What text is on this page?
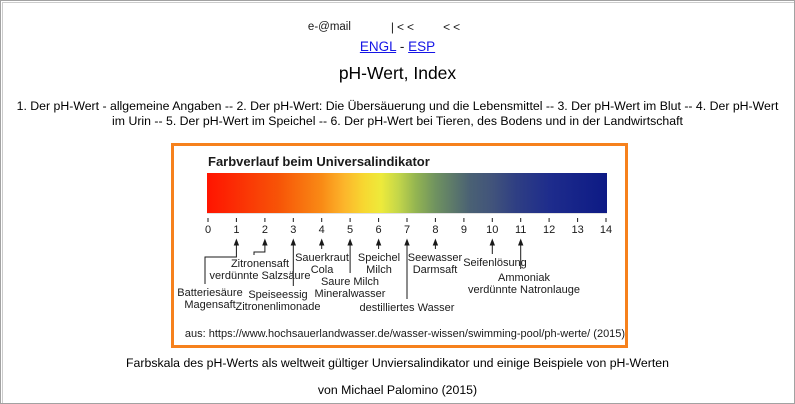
e-@mail	|<< <<
ENGL - ESP
pH-Wert, Index
1. Der pH-Wert - allgemeine Angaben -- 2. Der pH-Wert: Die Übersäuerung und die Lebensmittel -- 3. Der pH-Wert im Blut -- 4. Der pH-Wert
im Urin -- 5. Der pH-Wert im Speichel -- 6. Der pH-Wert bei Tieren, des Bodens und in der Landwirtschaft
Farbverlauf beim Universalindikator
0 1 2 3 4 5 6 7 8 9 10 11 12 13 14
Batteriesäure
Magensaft
Zitronensaft
verdünnte Salzsäure
Speiseessig
Zitronenlimonade
Sauerkraut
Cola
Saure Milch
Mineralwasser
Speichel
Milch
destilliertes Wasser
Seewasser
Darmsaft
Seifenlösung
Ammoniak
verdünnte Natronlauge
aus: https://www.hochsauerlandwasser.de/wasser-wissen/swimming-pool/ph-werte/ (2015)
Farbskala des pH-Werts als weltweit gültiger Unviersalindikator und einige Beispiele von pH-Werten
von Michael Palomino (2015)
